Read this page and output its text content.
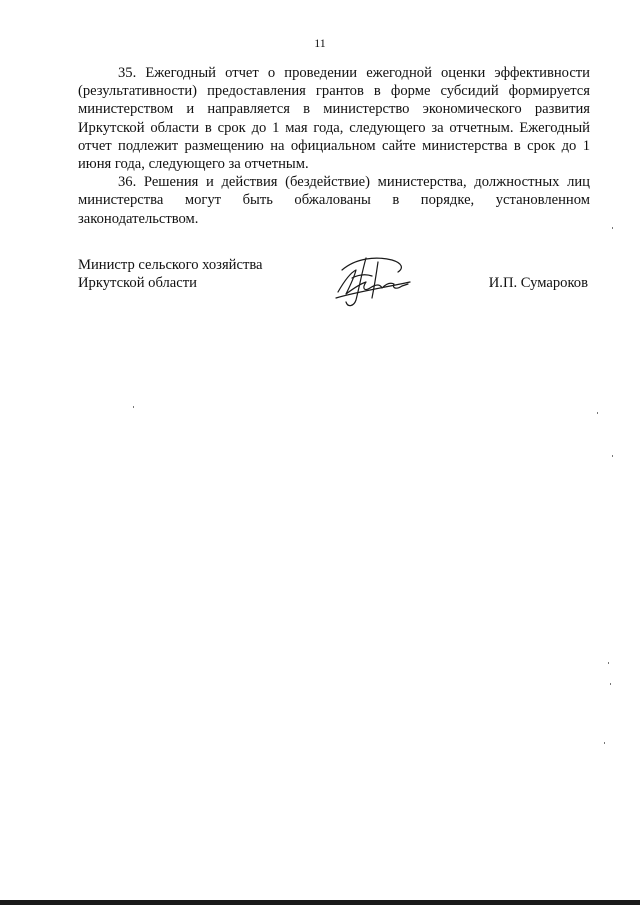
11

35. Ежегодный отчет о проведении ежегодной оценки эффективности (результативности) предоставления грантов в форме субсидий формируется министерством и направляется в министерство экономического развития Иркутской области в срок до 1 мая года, следующего за отчетным. Ежегодный отчет подлежит размещению на официальном сайте министерства в срок до 1 июня года, следующего за отчетным.

36. Решения и действия (бездействие) министерства, должностных лиц министерства могут быть обжалованы в порядке, установленном законодательством.

Министр сельского хозяйства
Иркутской области	И.П. Сумароков
